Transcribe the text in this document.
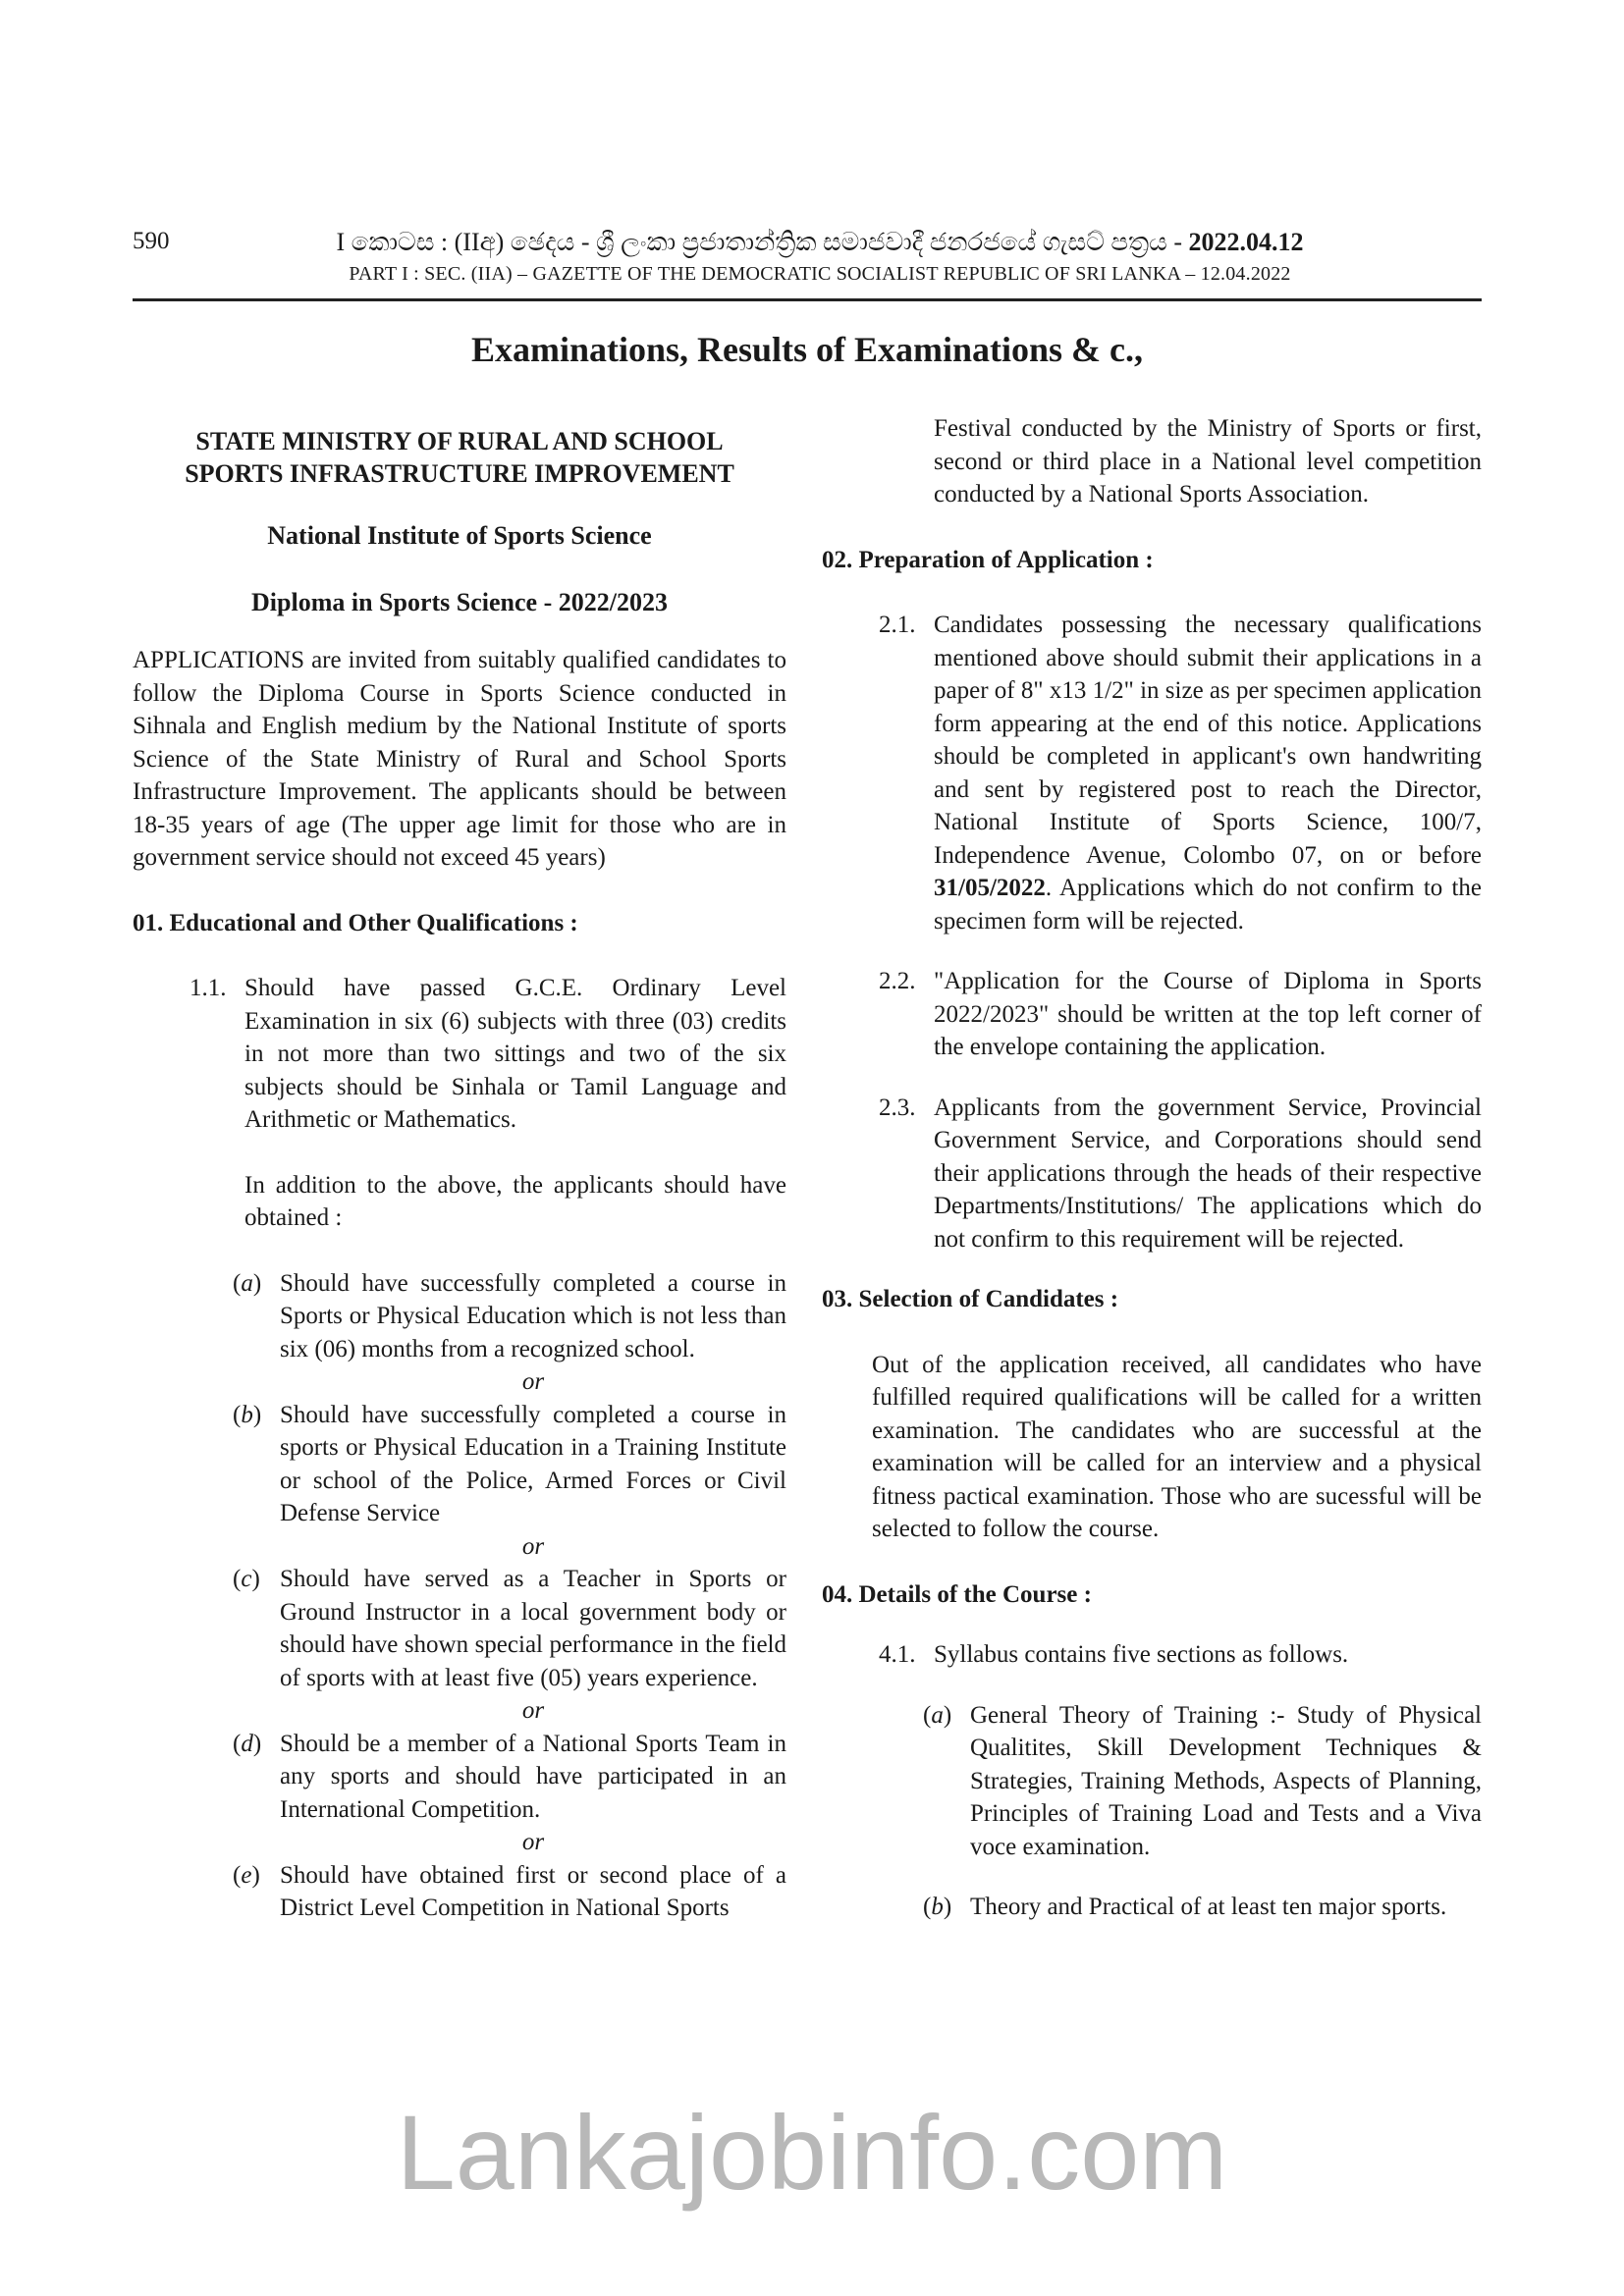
590	I කොටස : (IIඅ) ඡෙදය - ශ්‍රී ලංකා ප්‍රජාතාන්ත්‍රික සමාජවාදී ජනරජයේ ගැසට් පත්‍රය - 2022.04.12
PART I : SEC. (IIA) – GAZETTE OF THE DEMOCRATIC SOCIALIST REPUBLIC OF SRI LANKA – 12.04.2022
Examinations, Results of Examinations & c.,

STATE MINISTRY OF RURAL AND SCHOOL SPORTS INFRASTRUCTURE IMPROVEMENT

National Institute of Sports Science

Diploma in Sports Science - 2022/2023

APPLICATIONS are invited from suitably qualified candidates to follow the Diploma Course in Sports Science conducted in Sihnala and English medium by the National Institute of sports Science of the State Ministry of Rural and School Sports Infrastructure Improvement. The applicants should be between 18-35 years of age (The upper age limit for those who are in government service should not exceed 45 years)

01. Educational and Other Qualifications :

1.1. Should have passed G.C.E. Ordinary Level Examination in six (6) subjects with three (03) credits in not more than two sittings and two of the six subjects should be Sinhala or Tamil Language and Arithmetic or Mathematics.

In addition to the above, the applicants should have obtained :

(a) Should have successfully completed a course in Sports or Physical Education which is not less than six (06) months from a recognized school.
or
(b) Should have successfully completed a course in sports or Physical Education in a Training Institute or school of the Police, Armed Forces or Civil Defense Service
or
(c) Should have served as a Teacher in Sports or Ground Instructor in a local government body or should have shown special performance in the field of sports with at least five (05) years experience.
or
(d) Should be a member of a National Sports Team in any sports and should have participated in an International Competition.
or
(e) Should have obtained first or second place of a District Level Competition in National Sports

Festival conducted by the Ministry of Sports or first, second or third place in a National level competition conducted by a National Sports Association.

02. Preparation of Application :

2.1. Candidates possessing the necessary qualifications mentioned above should submit their applications in a paper of 8" x13 1/2" in size as per specimen application form appearing at the end of this notice. Applications should be completed in applicant's own handwriting and sent by registered post to reach the Director, National Institute of Sports Science, 100/7, Independence Avenue, Colombo 07, on or before 31/05/2022. Applications which do not confirm to the specimen form will be rejected.
2.2. "Application for the Course of Diploma in Sports 2022/2023" should be written at the top left corner of the envelope containing the application.
2.3. Applicants from the government Service, Provincial Government Service, and Corporations should send their applications through the heads of their respective Departments/Institutions/ The applications which do not confirm to this requirement will be rejected.

03. Selection of Candidates :

Out of the application received, all candidates who have fulfilled required qualifications will be called for a written examination. The candidates who are successful at the examination will be called for an interview and a physical fitness pactical examination. Those who are sucessful will be selected to follow the course.

04. Details of the Course :

4.1. Syllabus contains five sections as follows.
(a) General Theory of Training :- Study of Physical Qualitites, Skill Development Techniques & Strategies, Training Methods, Aspects of Planning, Principles of Training Load and Tests and a Viva voce examination.
(b) Theory and Practical of at least ten major sports.
Lankajobinfo.com
